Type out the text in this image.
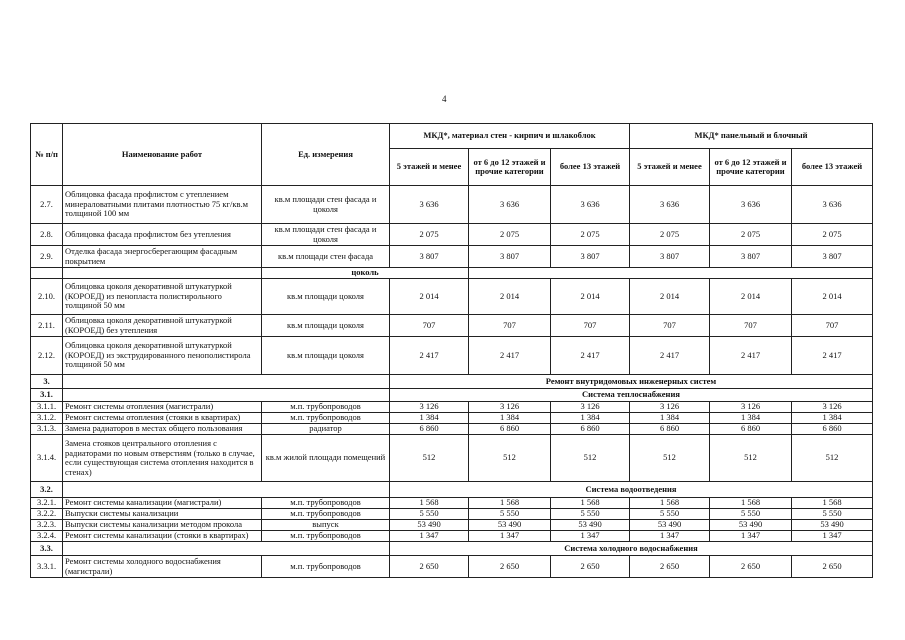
4
№ п/п	Наименование работ	Ед. измерения	МКД*, материал стен - кирпич и шлакоблок			МКД* панельный и блочный		
			5 этажей и менее	от 6 до 12 этажей и прочие категории	более 13 этажей	5 этажей и менее	от 6 до 12 этажей и прочие категории	более 13 этажей
2.7.	Облицовка фасада профлистом с утеплением минераловатными плитами плотностью 75 кг/кв.м толщиной 100 мм	кв.м площади стен фасада и цоколя	3 636	3 636	3 636	3 636	3 636	3 636
2.8.	Облицовка фасада профлистом без утепления	кв.м площади стен фасада и цоколя	2 075	2 075	2 075	2 075	2 075	2 075
2.9.	Отделка фасада энергосберегающим фасадным покрытием	кв.м площади стен фасада	3 807	3 807	3 807	3 807	3 807	3 807
		цоколь						
2.10.	Облицовка цоколя декоративной штукатуркой (КОРОЕД) из пенопласта полистирольного толщиной 50 мм	кв.м площади цоколя	2 014	2 014	2 014	2 014	2 014	2 014
2.11.	Облицовка цоколя декоративной штукатуркой (КОРОЕД) без утепления	кв.м площади цоколя	707	707	707	707	707	707
2.12.	Облицовка цоколя декоративной штукатуркой (КОРОЕД) из экструдированного пенополистирола толщиной 50 мм	кв.м площади цоколя	2 417	2 417	2 417	2 417	2 417	2 417
3.			Ремонт внутридомовых инженерных систем					
3.1.			Система теплоснабжения					
3.1.1.	Ремонт системы отопления (магистрали)	м.п. трубопроводов	3 126	3 126	3 126	3 126	3 126	3 126
3.1.2.	Ремонт системы отопления (стояки в квартирах)	м.п. трубопроводов	1 384	1 384	1 384	1 384	1 384	1 384
3.1.3.	Замена радиаторов в местах общего пользования	радиатор	6 860	6 860	6 860	6 860	6 860	6 860
3.1.4.	Замена стояков центрального отопления с радиаторами по новым отверстиям (только в случае, если существующая система отопления находится в стенах)	кв.м жилой площади помещений	512	512	512	512	512	512
3.2.			Система водоотведения					
3.2.1.	Ремонт системы канализации (магистрали)	м.п. трубопроводов	1 568	1 568	1 568	1 568	1 568	1 568
3.2.2.	Выпуски системы канализации	м.п. трубопроводов	5 550	5 550	5 550	5 550	5 550	5 550
3.2.3.	Выпуски системы канализации методом прокола	выпуск	53 490	53 490	53 490	53 490	53 490	53 490
3.2.4.	Ремонт системы канализации (стояки в квартирах)	м.п. трубопроводов	1 347	1 347	1 347	1 347	1 347	1 347
3.3.			Система холодного водоснабжения					
3.3.1.	Ремонт системы холодного водоснабжения (магистрали)	м.п. трубопроводов	2 650	2 650	2 650	2 650	2 650	2 650
